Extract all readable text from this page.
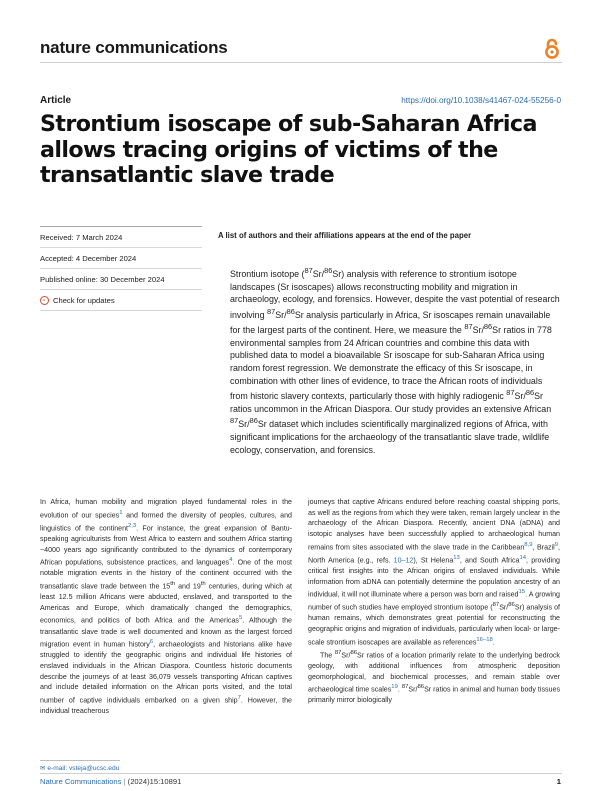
nature communications
Article	https://doi.org/10.1038/s41467-024-55256-0
Strontium isoscape of sub-Saharan Africa allows tracing origins of victims of the transatlantic slave trade
Received: 7 March 2024
Accepted: 4 December 2024
Published online: 30 December 2024
Check for updates
A list of authors and their affiliations appears at the end of the paper

Strontium isotope ($^{87}$Sr/$^{86}$Sr) analysis with reference to strontium isotope landscapes (Sr isoscapes) allows reconstructing mobility and migration in archaeology, ecology, and forensics. However, despite the vast potential of research involving $^{87}$Sr/$^{86}$Sr analysis particularly in Africa, Sr isoscapes remain unavailable for the largest parts of the continent. Here, we measure the $^{87}$Sr/$^{86}$Sr ratios in 778 environmental samples from 24 African countries and combine this data with published data to model a bioavailable Sr isoscape for sub-Saharan Africa using random forest regression. We demonstrate the efficacy of this Sr isoscape, in combination with other lines of evidence, to trace the African roots of individuals from historic slavery contexts, particularly those with highly radiogenic $^{87}$Sr/$^{86}$Sr ratios uncommon in the African Diaspora. Our study provides an extensive African $^{87}$Sr/$^{86}$Sr dataset which includes scientifically marginalized regions of Africa, with significant implications for the archaeology of the transatlantic slave trade, wildlife ecology, conservation, and forensics.

In Africa, human mobility and migration played fundamental roles in the evolution of our species$^1$ and formed the diversity of peoples, cultures, and linguistics of the continent$^{2,3}$. For instance, the great expansion of Bantu-speaking agriculturists from West Africa to eastern and southern Africa starting ~4000 years ago significantly contributed to the dynamics of contemporary African populations, subsistence practices, and languages$^4$. One of the most notable migration events in the history of the continent occurred with the transatlantic slave trade between the 15th and 19th centuries, during which at least 12.5 million Africans were abducted, enslaved, and transported to the Americas and Europe, which dramatically changed the demographics, economics, and politics of both Africa and the Americas$^5$. Although the transatlantic slave trade is well documented and known as the largest forced migration event in human history$^6$, archaeologists and historians alike have struggled to identify the geographic origins and individual life histories of enslaved individuals in the African Diaspora. Countless historic documents describe the journeys of at least 36,079 vessels transporting African captives and include detailed information on the African ports visited, and the total number of captive individuals embarked on a given ship$^7$. However, the individual treacherous

journeys that captive Africans endured before reaching coastal shipping ports, as well as the regions from which they were taken, remain largely unclear in the archaeology of the African Diaspora. Recently, ancient DNA (aDNA) and isotopic analyses have been successfully applied to archaeological human remains from sites associated with the slave trade in the Caribbean$^{8,9}$, Brazil$^9$, North America (e.g., refs. 10–12), St Helena$^{13}$, and South Africa$^{14}$, providing critical first insights into the African origins of enslaved individuals. While information from aDNA can potentially determine the population ancestry of an individual, it will not illuminate where a person was born and raised$^{15}$. A growing number of such studies have employed strontium isotope ($^{87}$Sr/$^{86}$Sr) analysis of human remains, which demonstrates great potential for reconstructing the geographic origins and migration of individuals, particularly when local- or large-scale strontium isoscapes are available as references$^{16-18}$.

The $^{87}$Sr/$^{86}$Sr ratios of a location primarily relate to the underlying bedrock geology, with additional influences from atmospheric deposition geomorphological, and biochemical processes, and remain stable over archaeological time scales$^{19}$. $^{87}$Sr/$^{86}$Sr ratios in animal and human body tissues primarily mirror biologically

✉ e-mail: vsteja@ucsc.edu
Nature Communications | (2024)15:10891	1
